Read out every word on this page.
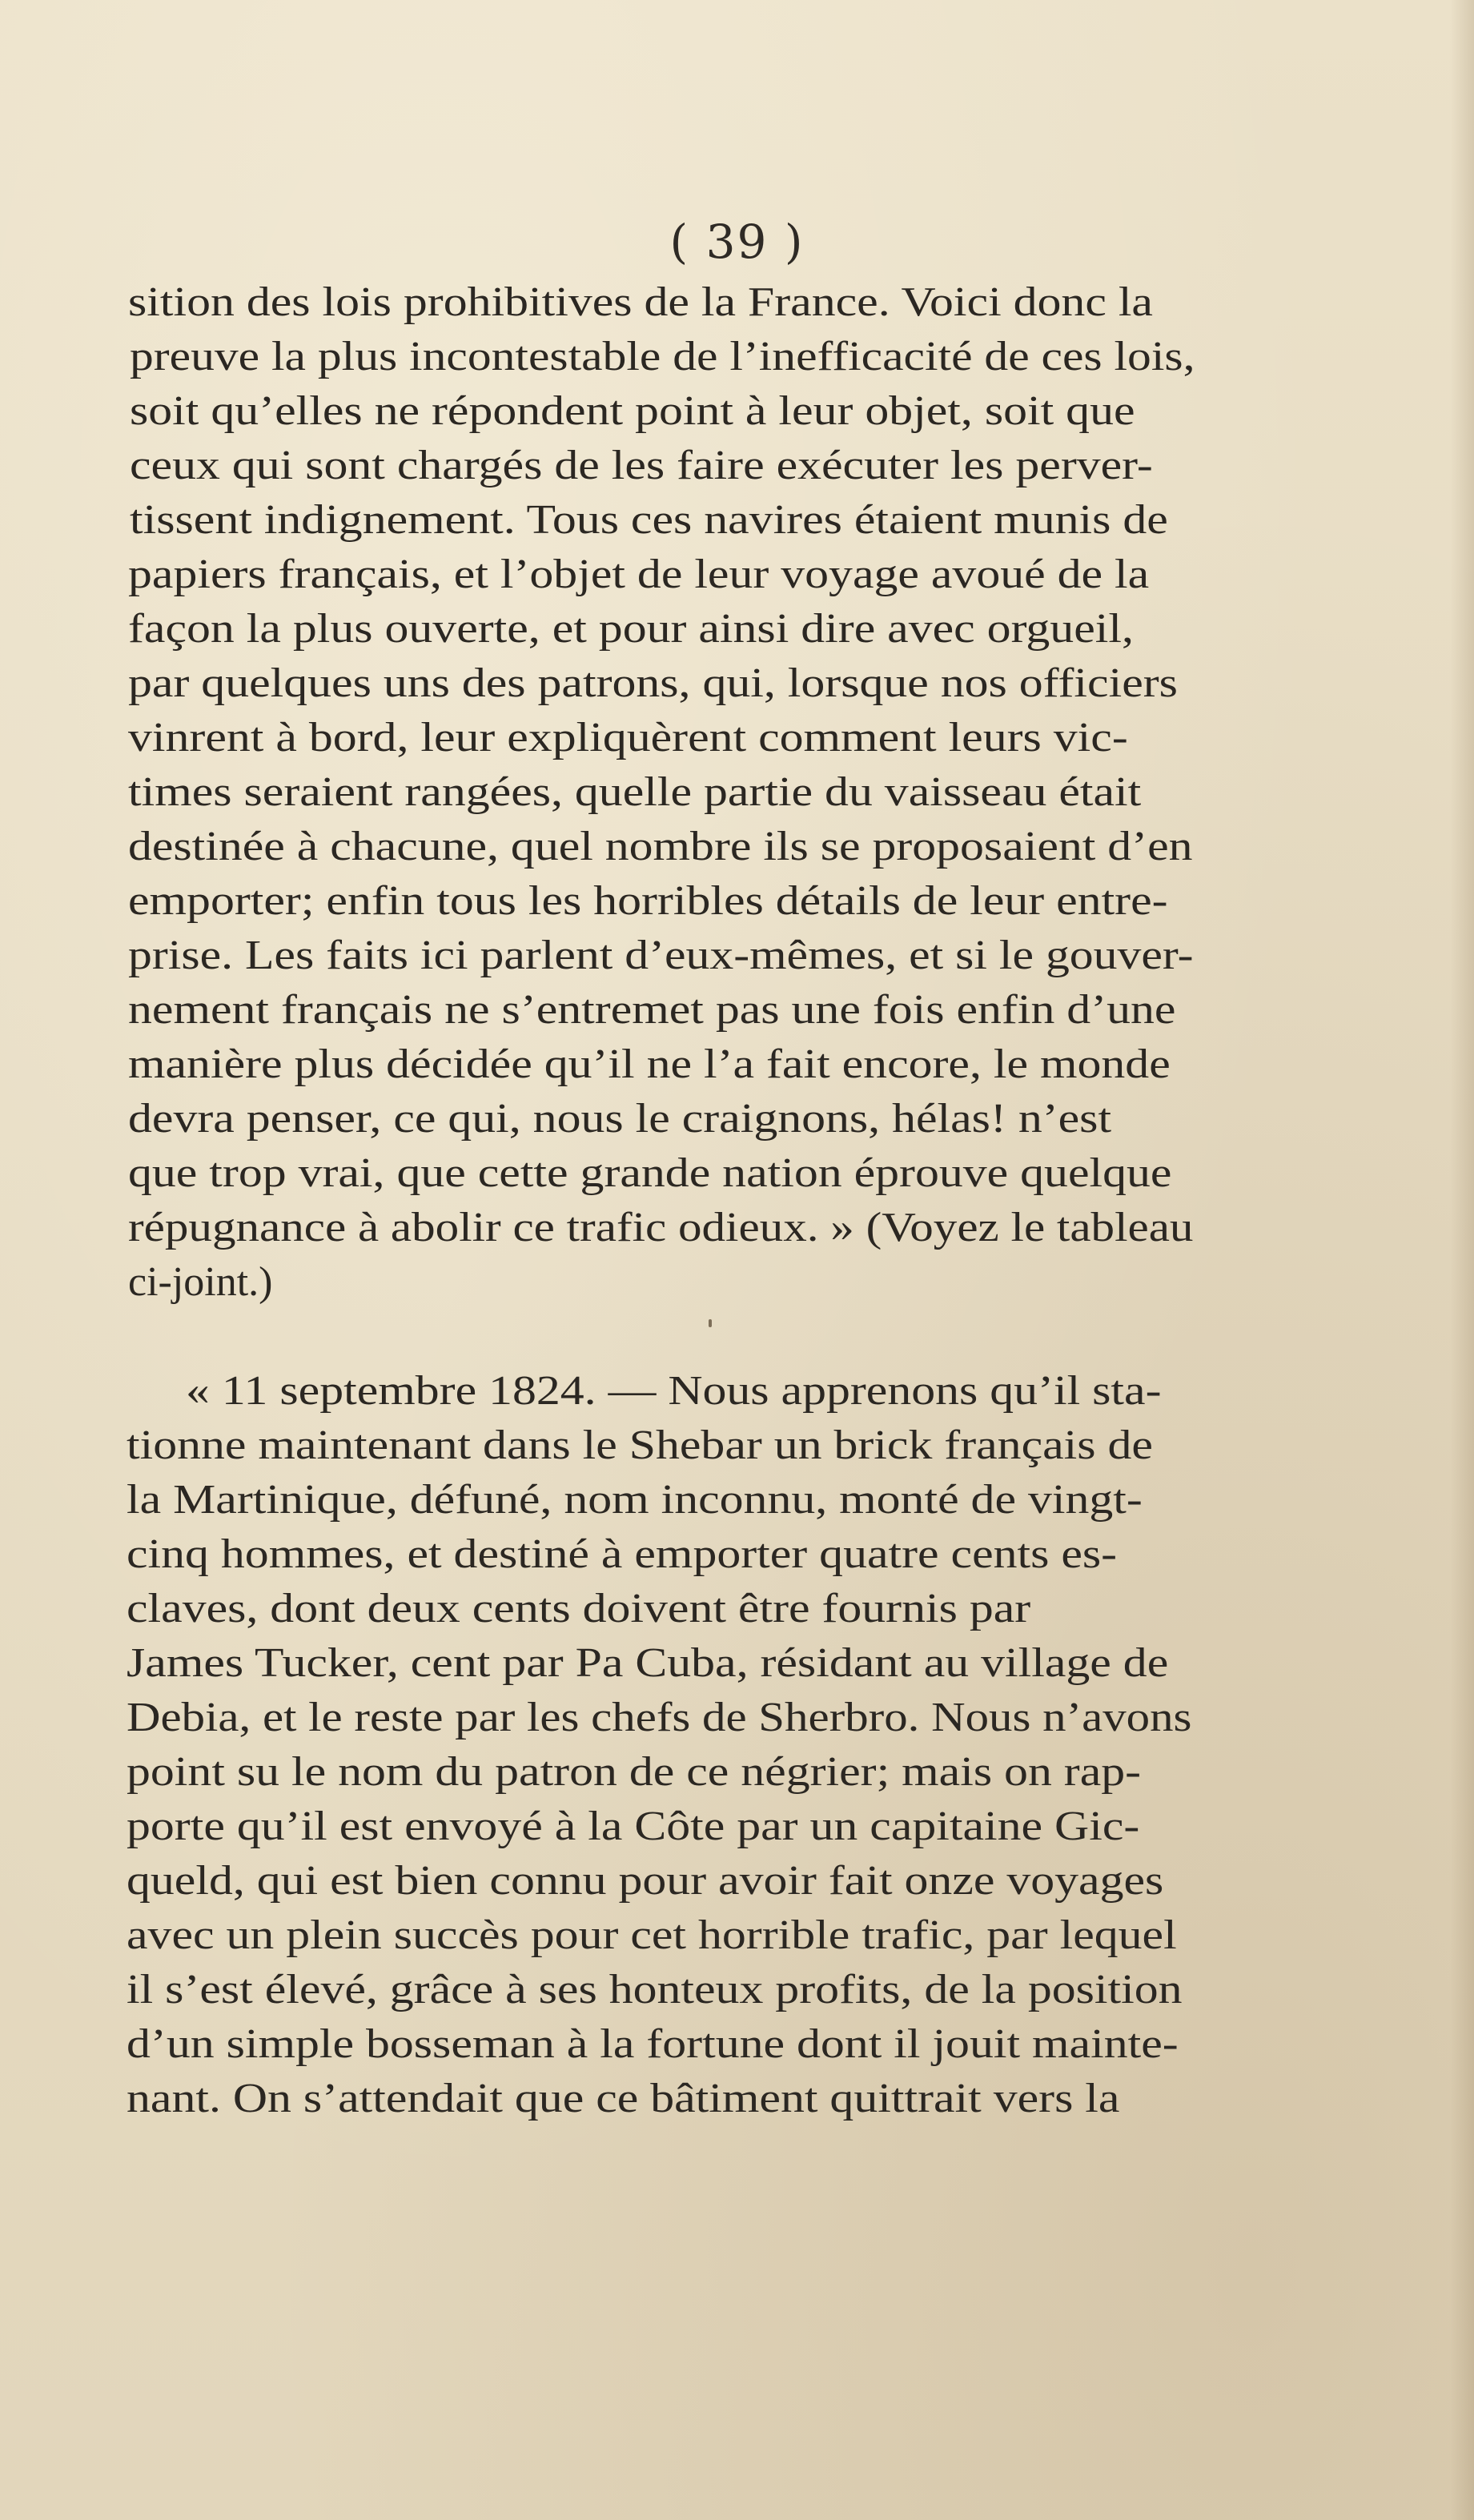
( 39 )
sition des lois prohibitives de la France. Voici donc la
preuve la plus incontestable de l’inefficacité de ces lois,
soit qu’elles ne répondent point à leur objet, soit que
ceux qui sont chargés de les faire exécuter les perver-
tissent indignement. Tous ces navires étaient munis de
papiers français, et l’objet de leur voyage avoué de la
façon la plus ouverte, et pour ainsi dire avec orgueil,
par quelques uns des patrons, qui, lorsque nos officiers
vinrent à bord, leur expliquèrent comment leurs vic-
times seraient rangées, quelle partie du vaisseau était
destinée à chacune, quel nombre ils se proposaient d’en
emporter; enfin tous les horribles détails de leur entre-
prise. Les faits ici parlent d’eux-mêmes, et si le gouver-
nement français ne s’entremet pas une fois enfin d’une
manière plus décidée qu’il ne l’a fait encore, le monde
devra penser, ce qui, nous le craignons, hélas! n’est
que trop vrai, que cette grande nation éprouve quelque
répugnance à abolir ce trafic odieux. » (Voyez le tableau
ci-joint.)
« 11 septembre 1824. — Nous apprenons qu’il sta-
tionne maintenant dans le Shebar un brick français de
la Martinique, défuné, nom inconnu, monté de vingt-
cinq hommes, et destiné à emporter quatre cents es-
claves, dont deux cents doivent être fournis par
James Tucker, cent par Pa Cuba, résidant au village de
Debia, et le reste par les chefs de Sherbro. Nous n’avons
point su le nom du patron de ce négrier; mais on rap-
porte qu’il est envoyé à la Côte par un capitaine Gic-
queld, qui est bien connu pour avoir fait onze voyages
avec un plein succès pour cet horrible trafic, par lequel
il s’est élevé, grâce à ses honteux profits, de la position
d’un simple bosseman à la fortune dont il jouit mainte-
nant. On s’attendait que ce bâtiment quittrait vers la
